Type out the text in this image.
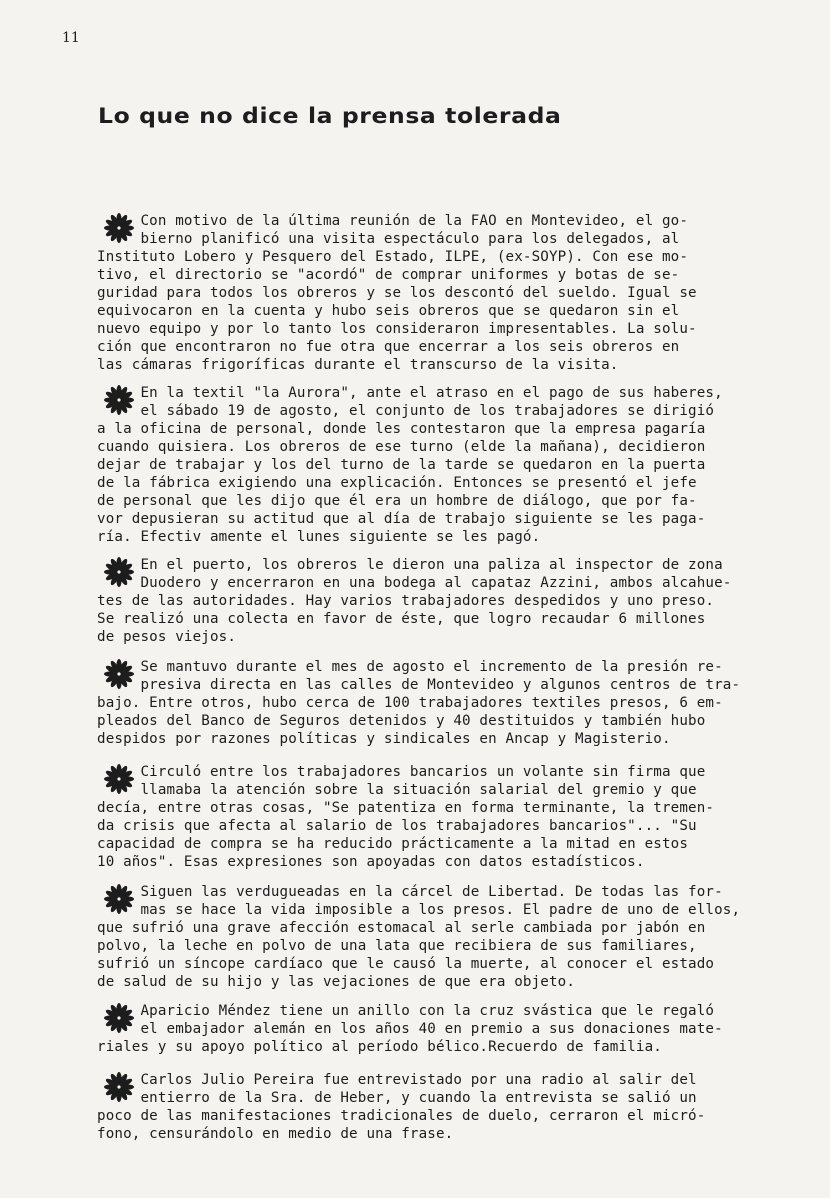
11
Lo que no dice la prensa tolerada
Con motivo de la última reunión de la FAO en Montevideo, el go-
bierno planificó una visita espectáculo para los delegados, al
Instituto Lobero y Pesquero del Estado, ILPE, (ex-SOYP). Con ese mo-
tivo, el directorio se "acordó" de comprar uniformes y botas de se-
guridad para todos los obreros y se los descontó del sueldo. Igual se
equivocaron en la cuenta y hubo seis obreros que se quedaron sin el
nuevo equipo y por lo tanto los consideraron impresentables. La solu-
ción que encontraron no fue otra que encerrar a los seis obreros en
las cámaras frigoríficas durante el transcurso de la visita.
En la textil "la Aurora", ante el atraso en el pago de sus haberes,
el sábado 19 de agosto, el conjunto de los trabajadores se dirigió
a la oficina de personal, donde les contestaron que la empresa pagaría
cuando quisiera. Los obreros de ese turno (elde la mañana), decidieron
dejar de trabajar y los del turno de la tarde se quedaron en la puerta
de la fábrica exigiendo una explicación. Entonces se presentó el jefe
de personal que les dijo que él era un hombre de diálogo, que por fa-
vor depusieran su actitud que al día de trabajo siguiente se les paga-
ría. Efectiv amente el lunes siguiente se les pagó.
En el puerto, los obreros le dieron una paliza al inspector de zona
Duodero y encerraron en una bodega al capataz Azzini, ambos alcahue-
tes de las autoridades. Hay varios trabajadores despedidos y uno preso.
Se realizó una colecta en favor de éste, que logro recaudar 6 millones
de pesos viejos.
Se mantuvo durante el mes de agosto el incremento de la presión re-
presiva directa en las calles de Montevideo y algunos centros de tra-
bajo. Entre otros, hubo cerca de 100 trabajadores textiles presos, 6 em-
pleados del Banco de Seguros detenidos y 40 destituidos y también hubo
despidos por razones políticas y sindicales en Ancap y Magisterio.
Circuló entre los trabajadores bancarios un volante sin firma que
llamaba la atención sobre la situación salarial del gremio y que
decía, entre otras cosas, "Se patentiza en forma terminante, la tremen-
da crisis que afecta al salario de los trabajadores bancarios"... "Su
capacidad de compra se ha reducido prácticamente a la mitad en estos
10 años". Esas expresiones son apoyadas con datos estadísticos.
Siguen las verdugueadas en la cárcel de Libertad. De todas las for-
mas se hace la vida imposible a los presos. El padre de uno de ellos,
que sufrió una grave afección estomacal al serle cambiada por jabón en
polvo, la leche en polvo de una lata que recibiera de sus familiares,
sufrió un síncope cardíaco que le causó la muerte, al conocer el estado
de salud de su hijo y las vejaciones de que era objeto.
Aparicio Méndez tiene un anillo con la cruz svástica que le regaló
el embajador alemán en los años 40 en premio a sus donaciones mate-
riales y su apoyo político al período bélico.Recuerdo de familia.
Carlos Julio Pereira fue entrevistado por una radio al salir del
entierro de la Sra. de Heber, y cuando la entrevista se salió un
poco de las manifestaciones tradicionales de duelo, cerraron el micró-
fono, censurándolo en medio de una frase.
